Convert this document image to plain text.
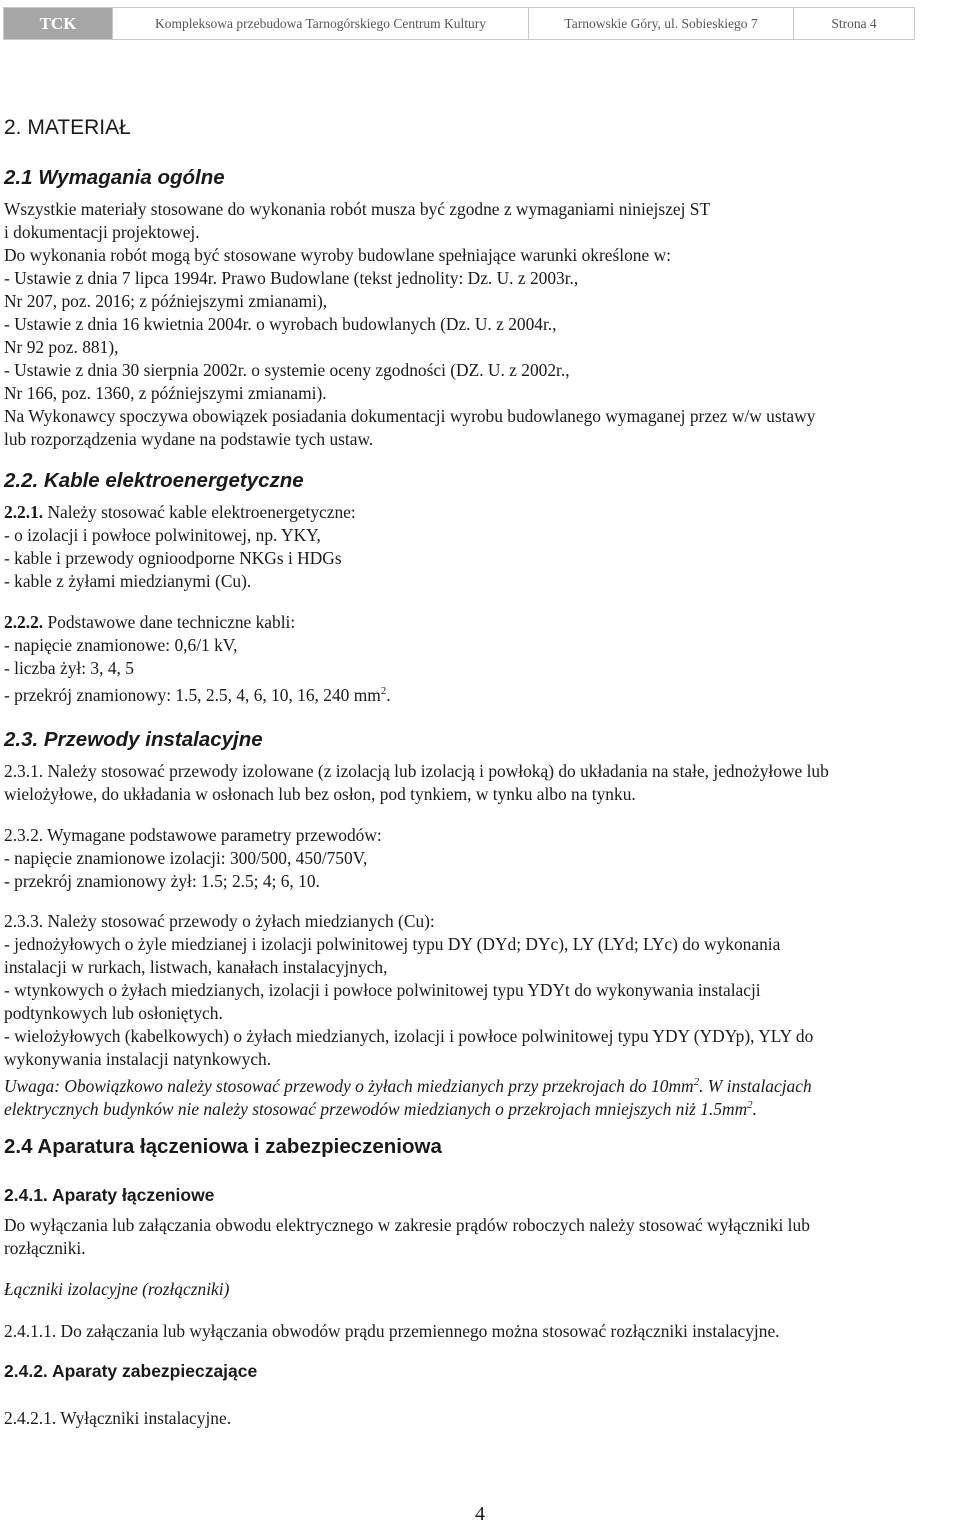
TCK	Kompleksowa przebudowa Tarnogórskiego Centrum Kultury	Tarnowskie Góry, ul. Sobieskiego 7	Strona 4
2. MATERIAŁ
2.1 Wymagania ogólne
Wszystkie materiały stosowane do wykonania robót musza być zgodne z wymaganiami niniejszej ST
i dokumentacji projektowej.
Do wykonania robót mogą być stosowane wyroby budowlane spełniające warunki określone w:
- Ustawie z dnia 7 lipca 1994r. Prawo Budowlane (tekst jednolity: Dz. U. z 2003r.,
Nr 207, poz. 2016; z późniejszymi zmianami),
- Ustawie z dnia 16 kwietnia 2004r. o wyrobach budowlanych (Dz. U. z 2004r.,
Nr 92 poz. 881),
- Ustawie z dnia 30 sierpnia 2002r. o systemie oceny zgodności (DZ. U. z 2002r.,
Nr 166, poz. 1360, z późniejszymi zmianami).
Na Wykonawcy spoczywa obowiązek posiadania dokumentacji wyrobu budowlanego wymaganej przez w/w ustawy
lub rozporządzenia wydane na podstawie tych ustaw.
2.2. Kable elektroenergetyczne
2.2.1. Należy stosować kable elektroenergetyczne:
- o izolacji i powłoce polwinitowej, np. YKY,
- kable i przewody ognioodporne NKGs i HDGs
- kable z żyłami miedzianymi (Cu).
2.2.2. Podstawowe dane techniczne kabli:
- napięcie znamionowe: 0,6/1 kV,
- liczba żył: 3, 4, 5
- przekrój znamionowy: 1.5, 2.5, 4, 6, 10, 16, 240 $mm^2$.
2.3. Przewody instalacyjne
2.3.1. Należy stosować przewody izolowane (z izolacją lub izolacją i powłoką) do układania na stałe, jednożyłowe lub
wielożyłowe, do układania w osłonach lub bez osłon, pod tynkiem, w tynku albo na tynku.
2.3.2. Wymagane podstawowe parametry przewodów:
- napięcie znamionowe izolacji: 300/500, 450/750V,
- przekrój znamionowy żył: 1.5; 2.5; 4; 6, 10.
2.3.3. Należy stosować przewody o żyłach miedzianych (Cu):
- jednożyłowych o żyle miedzianej i izolacji polwinitowej typu DY (DYd; DYc), LY (LYd; LYc) do wykonania
instalacji w rurkach, listwach, kanałach instalacyjnych,
- wtynkowych o żyłach miedzianych, izolacji i powłoce polwinitowej typu YDYt do wykonywania instalacji
podtynkowych lub osłoniętych.
- wielożyłowych (kabelkowych) o żyłach miedzianych, izolacji i powłoce polwinitowej typu YDY (YDYp), YLY do
wykonywania instalacji natynkowych.
Uwaga: Obowiązkowo należy stosować przewody o żyłach miedzianych przy przekrojach do $10mm^2$. W instalacjach
elektrycznych budynków nie należy stosować przewodów miedzianych o przekrojach mniejszych niż $1.5mm^2$.
2.4 Aparatura łączeniowa i zabezpieczeniowa
2.4.1. Aparaty łączeniowe
Do wyłączania lub załączania obwodu elektrycznego w zakresie prądów roboczych należy stosować wyłączniki lub
rozłączniki.
Łączniki izolacyjne (rozłączniki)
2.4.1.1. Do załączania lub wyłączania obwodów prądu przemiennego można stosować rozłączniki instalacyjne.
2.4.2. Aparaty zabezpieczające
2.4.2.1. Wyłączniki instalacyjne.
4
